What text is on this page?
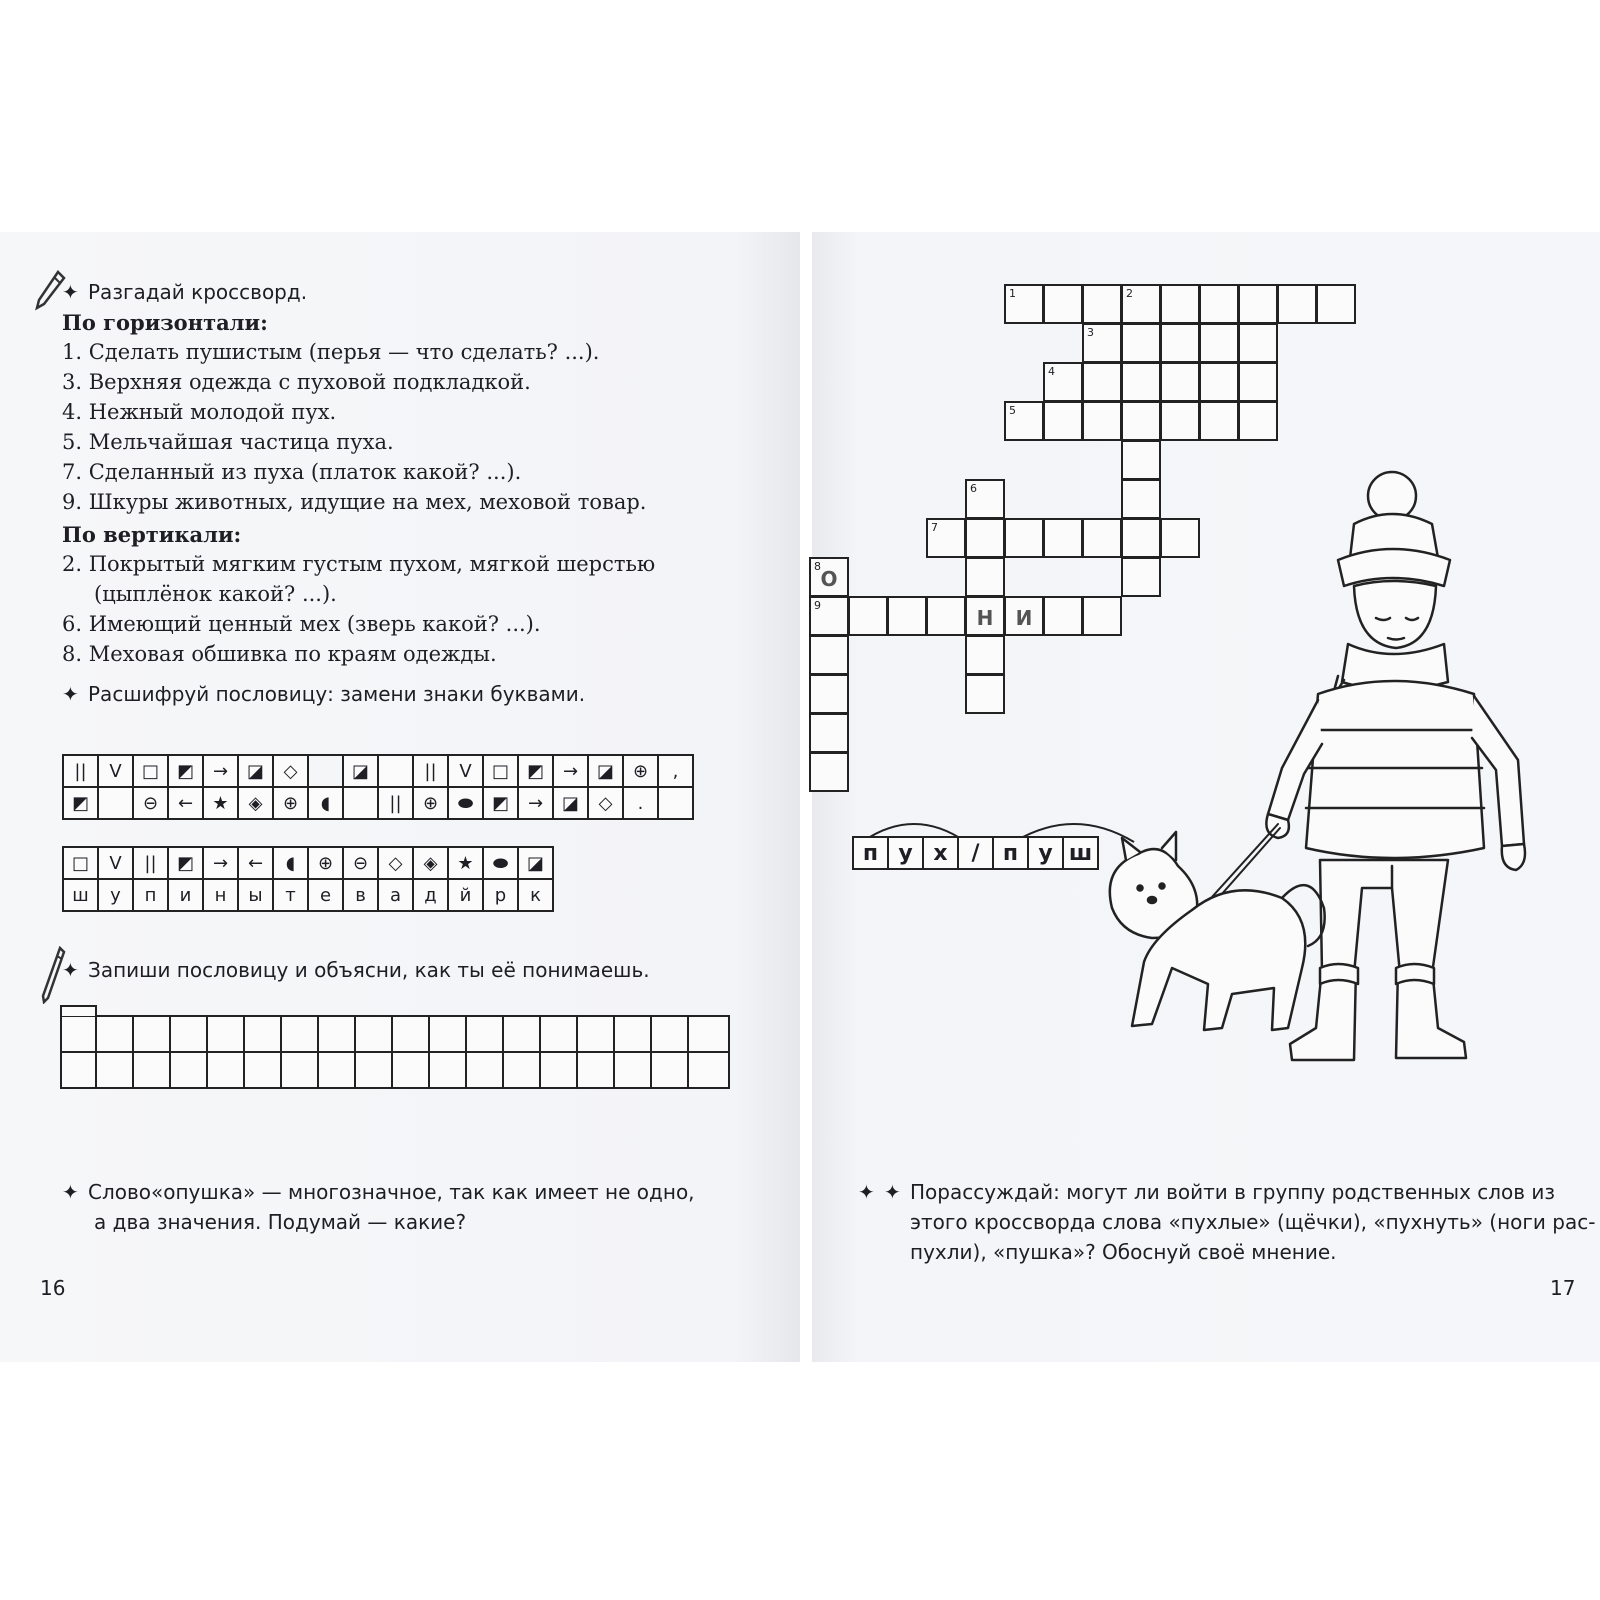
✦ Разгадай кроссворд.
По горизонтали:
1. Сделать пушистым (перья — что сделать? ...).
3. Верхняя одежда с пуховой подкладкой.
4. Нежный молодой пух.
5. Мельчайшая частица пуха.
7. Сделанный из пуха (платок какой? ...).
9. Шкуры животных, идущие на мех, меховой товар.
По вертикали:
2. Покрытый мягким густым пухом, мягкой шерстью
(цыплёнок какой? ...).
6. Имеющий ценный мех (зверь какой? ...).
8. Меховая обшивка по краям одежды.
✦ Расшифруй пословицу: замени знаки буквами.
||	V	□	◩	→	◪	◇		◪		||	V	□	◩	→	◪	⊕	,
◩		⊖	←	★	◈	⊕	◖		||	⊕	⬬	◩	→	◪	◇	.	
□	V	||	◩	→	←	◖	⊕	⊖	◇	◈	★	⬬	◪
ш	у	п	и	н	ы	т	е	в	а	д	й	р	к
✦ Запиши пословицу и объясни, как ты её понимаешь.
✦ Слово«опушка» — многозначное, так как имеет не одно,
а два значения. Подумай — какие?
16
1	2
3
4
5
6
Н
7
И
8
О
9
п	у	х	/	п	у	ш
✦ ✦ Порассуждай: могут ли войти в группу родственных слов из
этого кроссворда слова «пухлые» (щёчки), «пухнуть» (ноги рас-
пухли), «пушка»? Обоснуй своё мнение.
17
